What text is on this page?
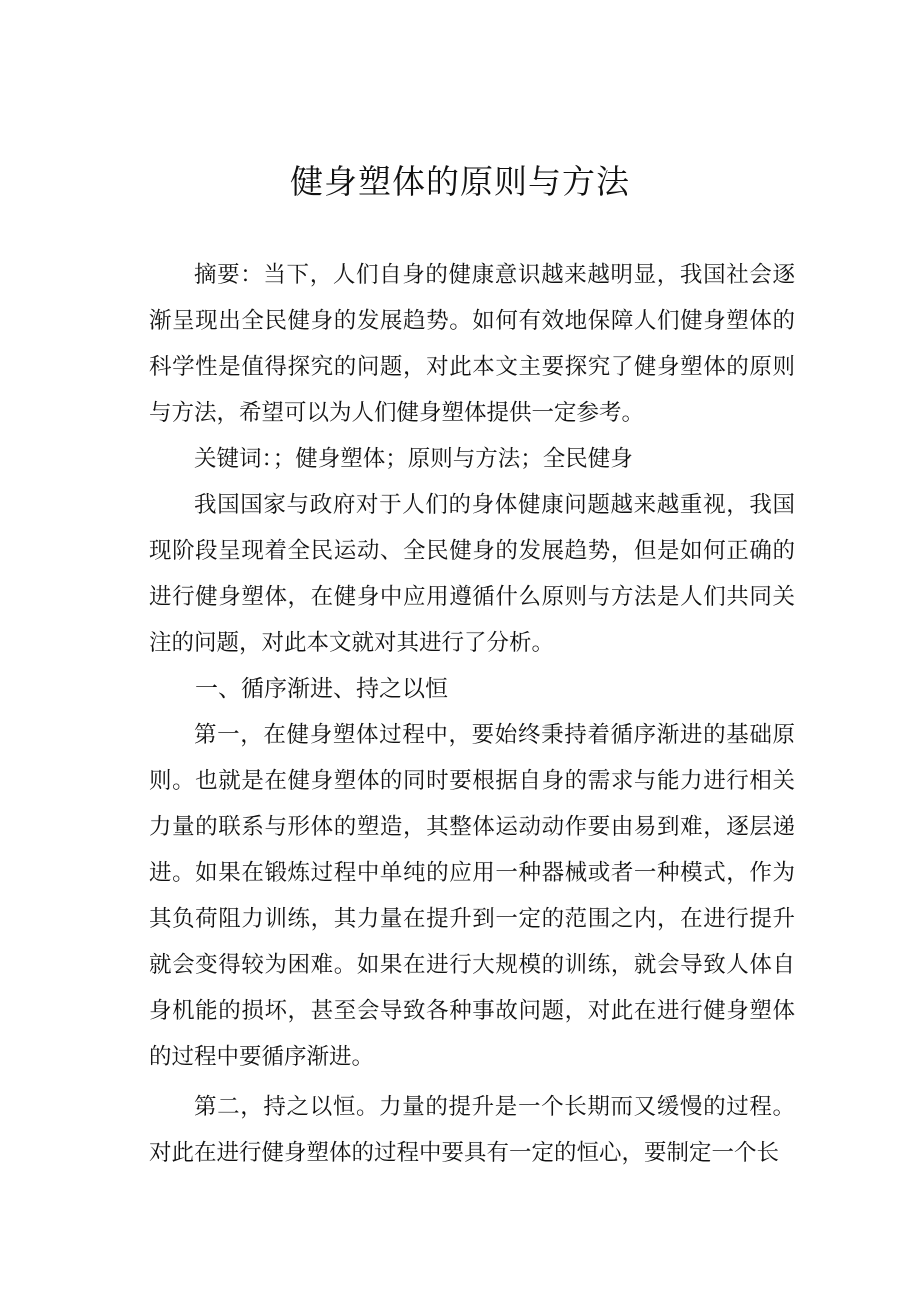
健身塑体的原则与方法

摘要：当下，人们自身的健康意识越来越明显，我国社会逐渐呈现出全民健身的发展趋势。如何有效地保障人们健身塑体的科学性是值得探究的问题，对此本文主要探究了健身塑体的原则与方法，希望可以为人们健身塑体提供一定参考。

关键词：；健身塑体；原则与方法；全民健身

我国国家与政府对于人们的身体健康问题越来越重视，我国现阶段呈现着全民运动、全民健身的发展趋势，但是如何正确的进行健身塑体，在健身中应用遵循什么原则与方法是人们共同关注的问题，对此本文就对其进行了分析。

一、循序渐进、持之以恒

第一，在健身塑体过程中，要始终秉持着循序渐进的基础原则。也就是在健身塑体的同时要根据自身的需求与能力进行相关力量的联系与形体的塑造，其整体运动动作要由易到难，逐层递进。如果在锻炼过程中单纯的应用一种器械或者一种模式，作为其负荷阻力训练，其力量在提升到一定的范围之内，在进行提升就会变得较为困难。如果在进行大规模的训练，就会导致人体自身机能的损坏，甚至会导致各种事故问题，对此在进行健身塑体的过程中要循序渐进。

第二，持之以恒。力量的提升是一个长期而又缓慢的过程。对此在进行健身塑体的过程中要具有一定的恒心，要制定一个长
